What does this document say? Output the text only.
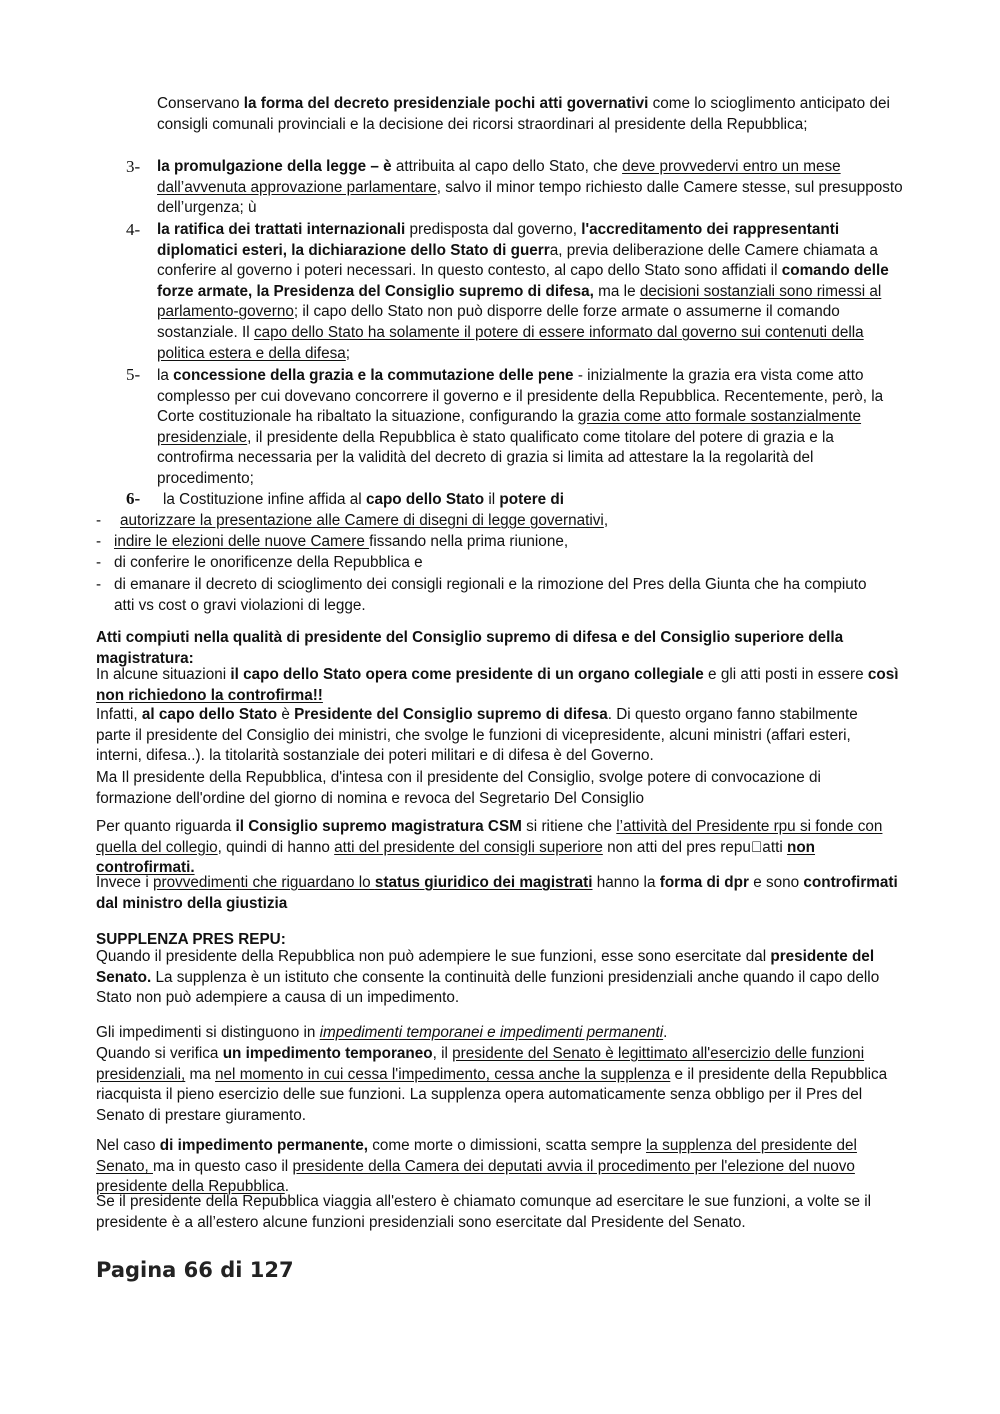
Conservano la forma del decreto presidenziale pochi atti governativi come lo scioglimento anticipato dei consigli comunali provinciali e la decisione dei ricorsi straordinari al presidente della Repubblica;

3- la promulgazione della legge – è attribuita al capo dello Stato, che deve provvedervi entro un mese dall’avvenuta approvazione parlamentare, salvo il minor tempo richiesto dalle Camere stesse, sul presupposto dell’urgenza; ù

4- la ratifica dei trattati internazionali predisposta dal governo, l'accreditamento dei rappresentanti diplomatici esteri, la dichiarazione dello Stato di guerra, previa deliberazione delle Camere chiamata a conferire al governo i poteri necessari. In questo contesto, al capo dello Stato sono affidati il comando delle forze armate, la Presidenza del Consiglio supremo di difesa, ma le decisioni sostanziali sono rimessi al parlamento-governo; il capo dello Stato non può disporre delle forze armate o assumerne il comando sostanziale. Il capo dello Stato ha solamente il potere di essere informato dal governo sui contenuti della politica estera e della difesa;

5- la concessione della grazia e la commutazione delle pene - inizialmente la grazia era vista come atto complesso per cui dovevano concorrere il governo e il presidente della Repubblica. Recentemente, però, la Corte costituzionale ha ribaltato la situazione, configurando la grazia come atto formale sostanzialmente presidenziale, il presidente della Repubblica è stato qualificato come titolare del potere di grazia e la controfirma necessaria per la validità del decreto di grazia si limita ad attestare la la regolarità del procedimento;

6- la Costituzione infine affida al capo dello Stato il potere di

- autorizzare la presentazione alle Camere di disegni di legge governativi,

- indire le elezioni delle nuove Camere fissando nella prima riunione,

- di conferire le onorificenze della Repubblica e

- di emanare il decreto di scioglimento dei consigli regionali e la rimozione del Pres della Giunta che ha compiuto atti vs cost o gravi violazioni di legge.

Atti compiuti nella qualità di presidente del Consiglio supremo di difesa e del Consiglio superiore della magistratura:

In alcune situazioni il capo dello Stato opera come presidente di un organo collegiale e gli atti posti in essere così non richiedono la controfirma!!

Infatti, al capo dello Stato è Presidente del Consiglio supremo di difesa. Di questo organo fanno stabilmente parte il presidente del Consiglio dei ministri, che svolge le funzioni di vicepresidente, alcuni ministri (affari esteri, interni, difesa..). la titolarità sostanziale dei poteri militari e di difesa è del Governo.

Ma Il presidente della Repubblica, d'intesa con il presidente del Consiglio, svolge potere di convocazione di formazione dell'ordine del giorno di nomina e revoca del Segretario Del Consiglio

Per quanto riguarda il Consiglio supremo magistratura CSM si ritiene che l’attività del Presidente rpu si fonde con quella del collegio, quindi di hanno atti del presidente del consigli superiore non atti del pres repu atti non controfirmati.

Invece i provvedimenti che riguardano lo status giuridico dei magistrati hanno la forma di dpr e sono controfirmati dal ministro della giustizia

SUPPLENZA PRES REPU:

Quando il presidente della Repubblica non può adempiere le sue funzioni, esse sono esercitate dal presidente del Senato. La supplenza è un istituto che consente la continuità delle funzioni presidenziali anche quando il capo dello Stato non può adempiere a causa di un impedimento.

Gli impedimenti si distinguono in impedimenti temporanei e impedimenti permanenti.

Quando si verifica un impedimento temporaneo, il presidente del Senato è legittimato all'esercizio delle funzioni presidenziali, ma nel momento in cui cessa l'impedimento, cessa anche la supplenza e il presidente della Repubblica riacquista il pieno esercizio delle sue funzioni. La supplenza opera automaticamente senza obbligo per il Pres del Senato di prestare giuramento.

Nel caso di impedimento permanente, come morte o dimissioni, scatta sempre la supplenza del presidente del Senato, ma in questo caso il presidente della Camera dei deputati avvia il procedimento per l'elezione del nuovo presidente della Repubblica.

Se il presidente della Repubblica viaggia all'estero è chiamato comunque ad esercitare le sue funzioni, a volte se il presidente è a all’estero alcune funzioni presidenziali sono esercitate dal Presidente del Senato.

Pagina 66 di 127
